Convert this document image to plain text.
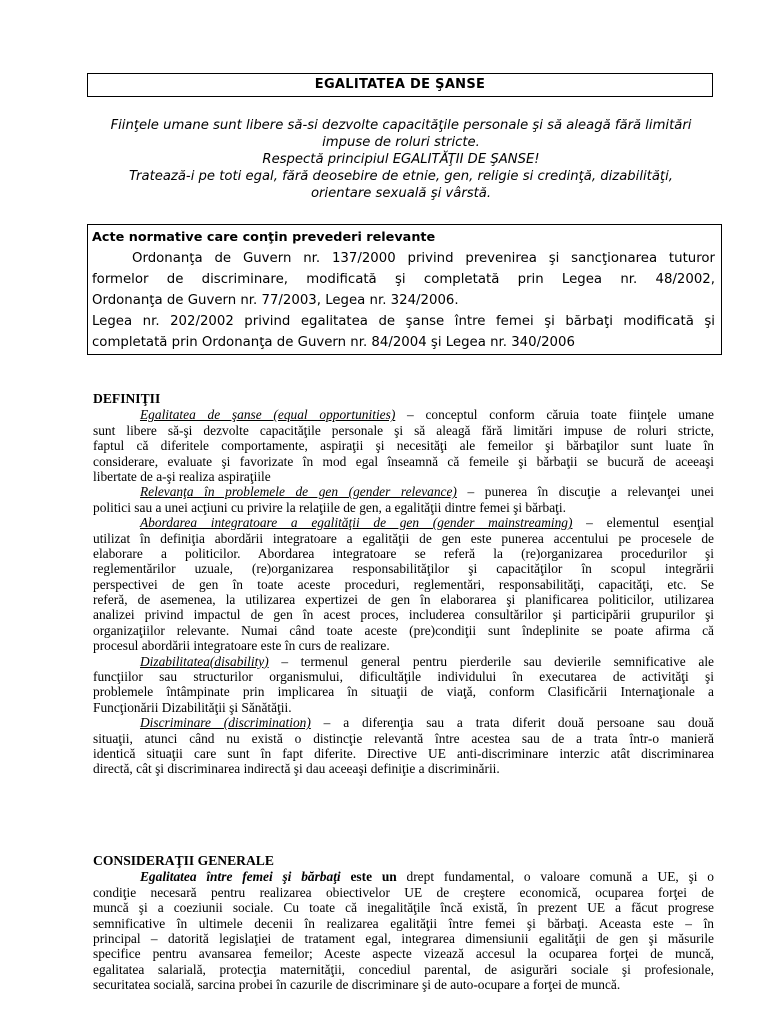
EGALITATEA DE ŞANSE
Fiinţele umane sunt libere să-si dezvolte capacităţile personale şi să aleagă fără limitări
impuse de roluri stricte.
Respectă principiul EGALITĂŢII DE ŞANSE!
Tratează-i pe toti egal, fără deosebire de etnie, gen, religie si credinţă, dizabilităţi,
orientare sexuală şi vârstă.
Acte normative care conţin prevederi relevante
Ordonanţa de Guvern nr. 137/2000 privind prevenirea şi sancţionarea tuturor
formelor de discriminare, modificată şi completată prin Legea nr. 48/2002,
Ordonanţa de Guvern nr. 77/2003, Legea nr. 324/2006.
Legea nr. 202/2002 privind egalitatea de şanse între femei şi bărbaţi modificată şi
completată prin Ordonanţa de Guvern nr. 84/2004 şi Legea nr. 340/2006
DEFINIŢII
Egalitatea de şanse (equal opportunities) – conceptul conform căruia toate fiinţele umane
sunt libere să-şi dezvolte capacităţile personale şi să aleagă fără limitări impuse de roluri stricte,
faptul că diferitele comportamente, aspiraţii şi necesităţi ale femeilor şi bărbaţilor sunt luate în
considerare, evaluate şi favorizate în mod egal înseamnă că femeile şi bărbaţii se bucură de aceeaşi
libertate de a-şi realiza aspiraţiile
Relevanţa în problemele de gen (gender relevance) – punerea în discuţie a relevanţei unei
politici sau a unei acţiuni cu privire la relaţiile de gen, a egalităţii dintre femei şi bărbaţi.
Abordarea integratoare a egalităţii de gen (gender mainstreaming) – elementul esenţial
utilizat în definiţia abordării integratoare a egalităţii de gen este punerea accentului pe procesele de
elaborare a politicilor. Abordarea integratoare se referă la (re)organizarea procedurilor şi
reglementărilor uzuale, (re)organizarea responsabilităţilor şi capacităţilor în scopul integrării
perspectivei de gen în toate aceste proceduri, reglementări, responsabilităţi, capacităţi, etc. Se
referă, de asemenea, la utilizarea expertizei de gen în elaborarea şi planificarea politicilor, utilizarea
analizei privind impactul de gen în acest proces, includerea consultărilor şi participării grupurilor şi
organizaţiilor relevante. Numai când toate aceste (pre)condiţii sunt îndeplinite se poate afirma că
procesul abordării integratoare este în curs de realizare.
Dizabilitatea(disability) – termenul general pentru pierderile sau devierile semnificative ale
funcţiilor sau structurilor organismului, dificultăţile individului în executarea de activităţi şi
problemele întâmpinate prin implicarea în situaţii de viaţă, conform Clasificării Internaţionale a
Funcţionării Dizabilităţii şi Sănătăţii.
Discriminare (discrimination) – a diferenţia sau a trata diferit două persoane sau două
situaţii, atunci când nu există o distincţie relevantă între acestea sau de a trata într-o manieră
identică situaţii care sunt în fapt diferite. Directive UE anti-discriminare interzic atât discriminarea
directă, cât şi discriminarea indirectă şi dau aceeaşi definiţie a discriminării.
CONSIDERAŢII GENERALE
Egalitatea între femei şi bărbaţi este un drept fundamental, o valoare comună a UE, şi o
condiţie necesară pentru realizarea obiectivelor UE de creştere economică, ocuparea forţei de
muncă şi a coeziunii sociale. Cu toate că inegalităţile încă există, în prezent UE a făcut progrese
semnificative în ultimele decenii în realizarea egalităţii între femei şi bărbaţi. Aceasta este – în
principal – datorită legislaţiei de tratament egal, integrarea dimensiunii egalităţii de gen şi măsurile
specifice pentru avansarea femeilor; Aceste aspecte vizează accesul la ocuparea forţei de muncă,
egalitatea salarială, protecţia maternităţii, concediul parental, de asigurări sociale şi profesionale,
securitatea socială, sarcina probei în cazurile de discriminare şi de auto-ocupare a forţei de muncă.
